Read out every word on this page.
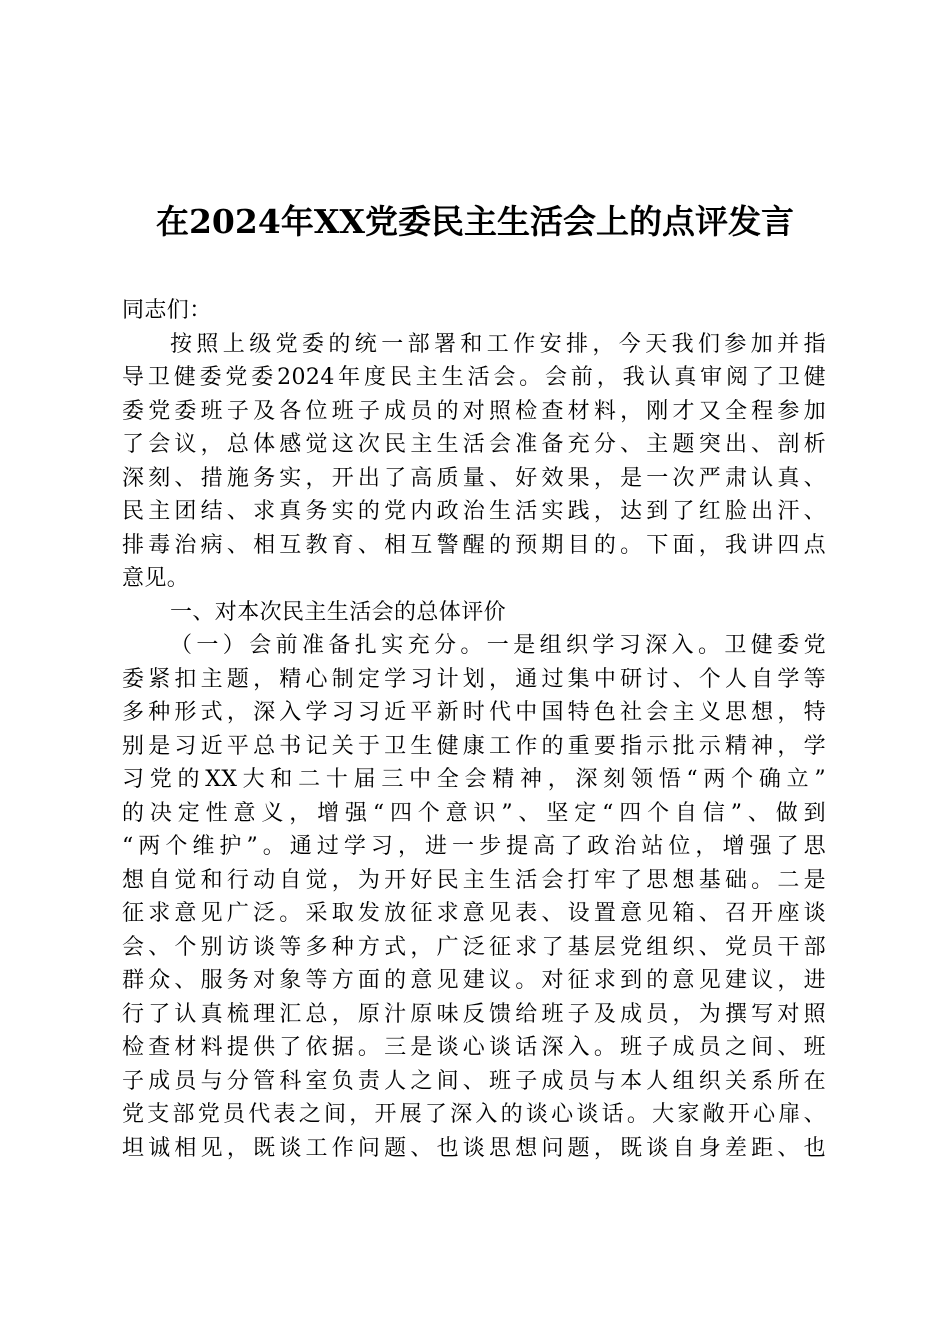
在2024年XX党委民主生活会上的点评发言
同志们：
按照上级党委的统一部署和工作安排，今天我们参加并指
导卫健委党委2024年度民主生活会。会前，我认真审阅了卫健
委党委班子及各位班子成员的对照检查材料，刚才又全程参加
了会议，总体感觉这次民主生活会准备充分、主题突出、剖析
深刻、措施务实，开出了高质量、好效果，是一次严肃认真、
民主团结、求真务实的党内政治生活实践，达到了红脸出汗、
排毒治病、相互教育、相互警醒的预期目的。下面，我讲四点
意见。
一、对本次民主生活会的总体评价
（一）会前准备扎实充分。一是组织学习深入。卫健委党
委紧扣主题，精心制定学习计划，通过集中研讨、个人自学等
多种形式，深入学习习近平新时代中国特色社会主义思想，特
别是习近平总书记关于卫生健康工作的重要指示批示精神，学
习党的XX大和二十届三中全会精神，深刻领悟“两个确立”
的决定性意义，增强“四个意识”、坚定“四个自信”、做到
“两个维护”。通过学习，进一步提高了政治站位，增强了思
想自觉和行动自觉，为开好民主生活会打牢了思想基础。二是
征求意见广泛。采取发放征求意见表、设置意见箱、召开座谈
会、个别访谈等多种方式，广泛征求了基层党组织、党员干部
群众、服务对象等方面的意见建议。对征求到的意见建议，进
行了认真梳理汇总，原汁原味反馈给班子及成员，为撰写对照
检查材料提供了依据。三是谈心谈话深入。班子成员之间、班
子成员与分管科室负责人之间、班子成员与本人组织关系所在
党支部党员代表之间，开展了深入的谈心谈话。大家敞开心扉、
坦诚相见，既谈工作问题、也谈思想问题，既谈自身差距、也
